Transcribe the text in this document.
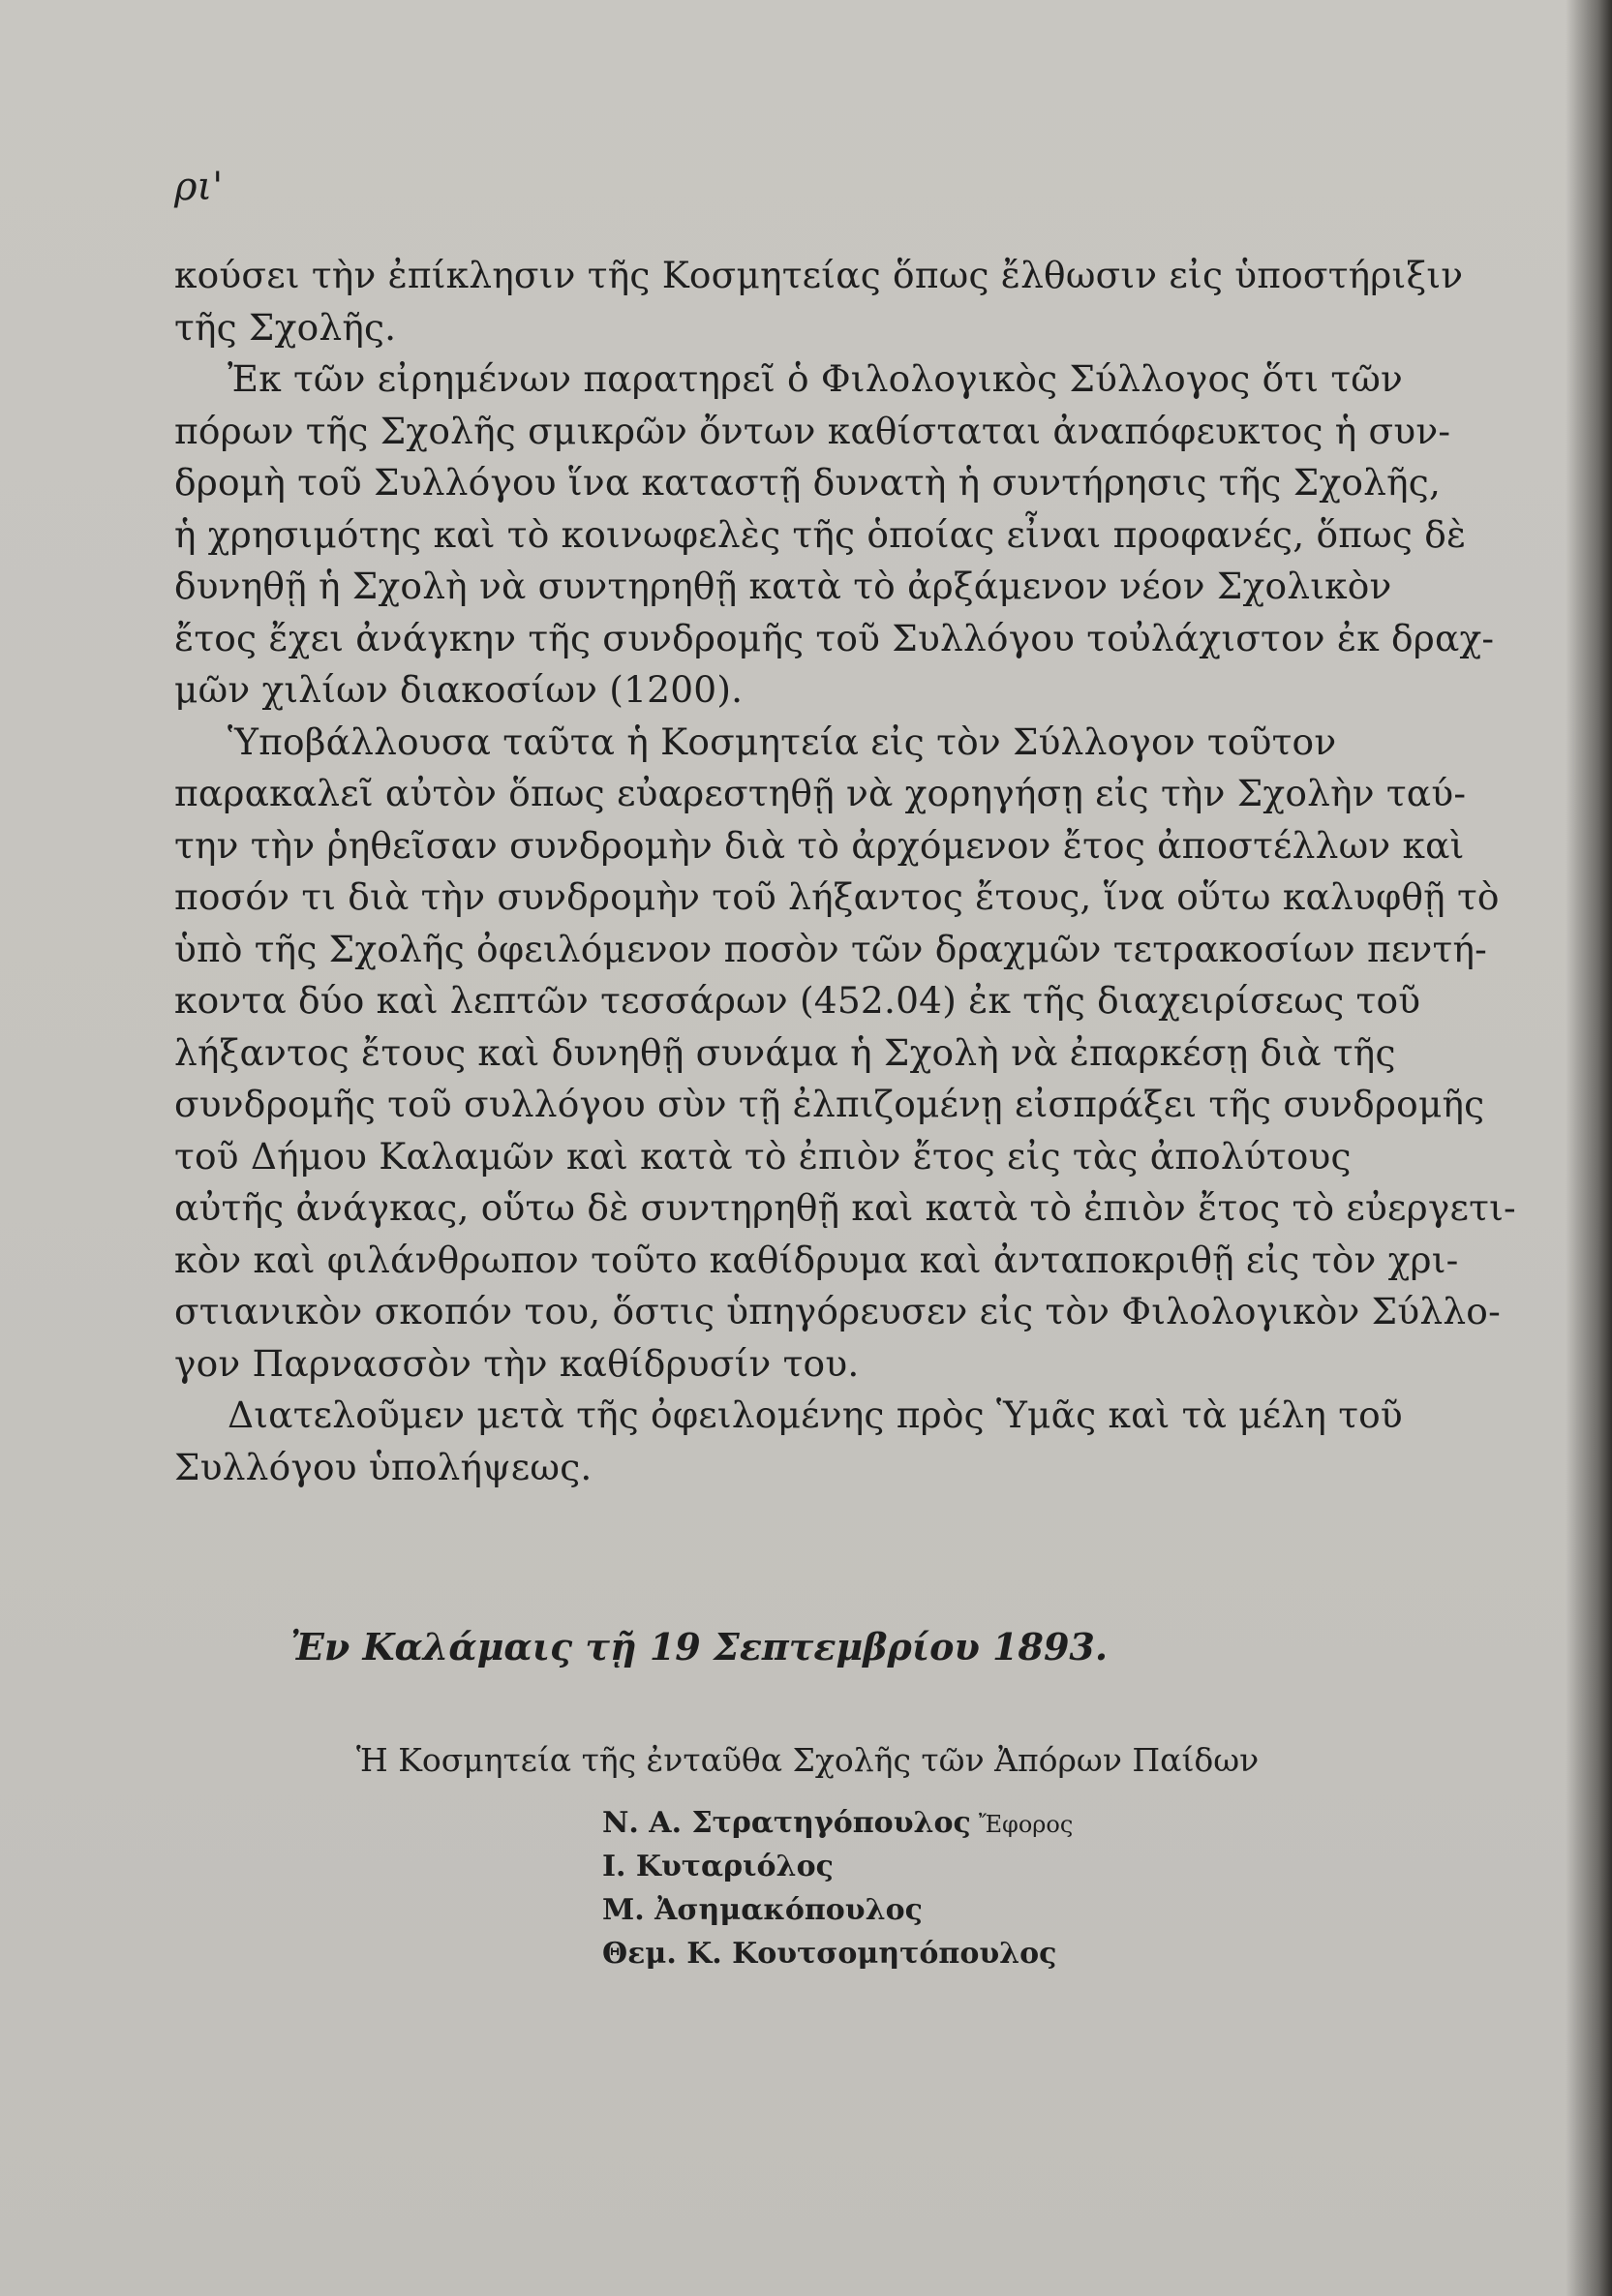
ρι'
κούσει τὴν ἐπίκλησιν τῆς Κοσμητείας ὅπως ἔλθωσιν εἰς ὑποστήριξιν
τῆς Σχολῆς.
Ἐκ τῶν εἰρημένων παρατηρεῖ ὁ Φιλολογικὸς Σύλλογος ὅτι τῶν
πόρων τῆς Σχολῆς σμικρῶν ὄντων καθίσταται ἀναπόφευκτος ἡ συν-
δρομὴ τοῦ Συλλόγου ἵνα καταστῇ δυνατὴ ἡ συντήρησις τῆς Σχολῆς,
ἡ χρησιμότης καὶ τὸ κοινωφελὲς τῆς ὁποίας εἶναι προφανές, ὅπως δὲ
δυνηθῇ ἡ Σχολὴ νὰ συντηρηθῇ κατὰ τὸ ἀρξάμενον νέον Σχολικὸν
ἔτος ἔχει ἀνάγκην τῆς συνδρομῆς τοῦ Συλλόγου τοὐλάχιστον ἐκ δραχ-
μῶν χιλίων διακοσίων (1200).
Ὑποβάλλουσα ταῦτα ἡ Κοσμητεία εἰς τὸν Σύλλογον τοῦτον
παρακαλεῖ αὐτὸν ὅπως εὐαρεστηθῇ νὰ χορηγήσῃ εἰς τὴν Σχολὴν ταύ-
την τὴν ῥηθεῖσαν συνδρομὴν διὰ τὸ ἀρχόμενον ἔτος ἀποστέλλων καὶ
ποσόν τι διὰ τὴν συνδρομὴν τοῦ λήξαντος ἔτους, ἵνα οὕτω καλυφθῇ τὸ
ὑπὸ τῆς Σχολῆς ὀφειλόμενον ποσὸν τῶν δραχμῶν τετρακοσίων πεντή-
κοντα δύο καὶ λεπτῶν τεσσάρων (452.04) ἐκ τῆς διαχειρίσεως τοῦ
λήξαντος ἔτους καὶ δυνηθῇ συνάμα ἡ Σχολὴ νὰ ἐπαρκέσῃ διὰ τῆς
συνδρομῆς τοῦ συλλόγου σὺν τῇ ἐλπιζομένῃ εἰσπράξει τῆς συνδρομῆς
τοῦ Δήμου Καλαμῶν καὶ κατὰ τὸ ἐπιὸν ἔτος εἰς τὰς ἀπολύτους
αὐτῆς ἀνάγκας, οὕτω δὲ συντηρηθῇ καὶ κατὰ τὸ ἐπιὸν ἔτος τὸ εὐεργετι-
κὸν καὶ φιλάνθρωπον τοῦτο καθίδρυμα καὶ ἀνταποκριθῇ εἰς τὸν χρι-
στιανικὸν σκοπόν του, ὅστις ὑπηγόρευσεν εἰς τὸν Φιλολογικὸν Σύλλο-
γον Παρνασσὸν τὴν καθίδρυσίν του.
Διατελοῦμεν μετὰ τῆς ὀφειλομένης πρὸς Ὑμᾶς καὶ τὰ μέλη τοῦ
Συλλόγου ὑπολήψεως.
Ἐν Καλάμαις τῇ 19 Σεπτεμβρίου 1893.
Ἡ Κοσμητεία τῆς ἐνταῦθα Σχολῆς τῶν Ἀπόρων Παίδων
Ν. Α. Στρατηγόπουλος Ἔφορος
Ι. Κυταριόλος
Μ. Ἀσημακόπουλος
Θεμ. Κ. Κουτσομητόπουλος
